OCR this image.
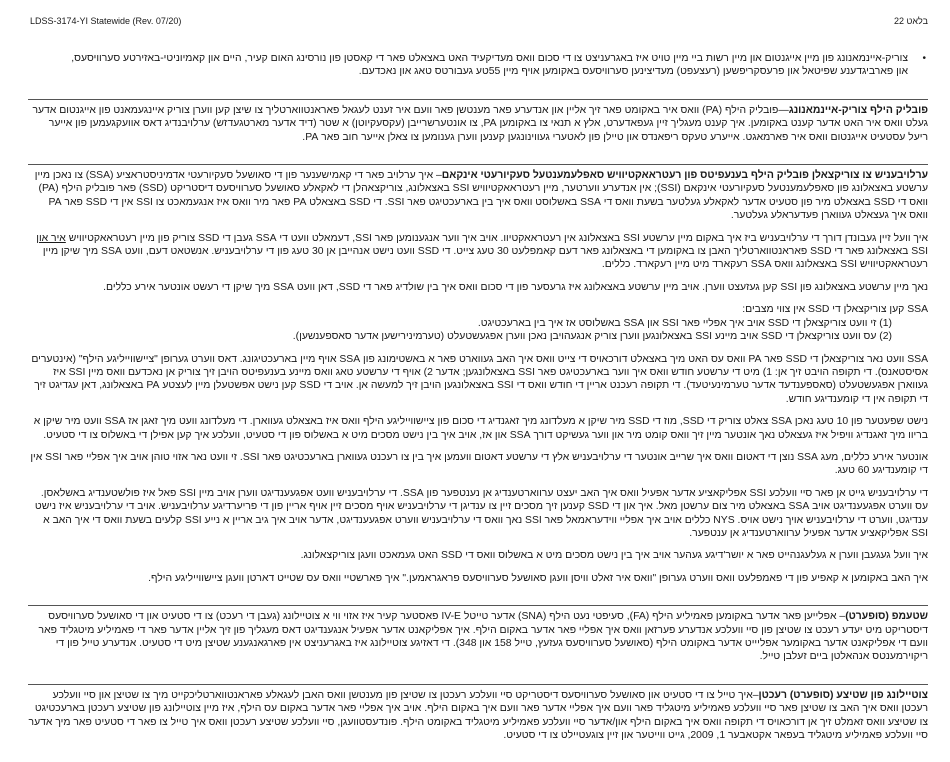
LDSS-3174-YI Statewide (Rev. 07/20)	בלאט 22
•
צוריק-איינמאנונג פון מיין אייגנטום און מיין רשות ביי מיין טויט איז באגרעניצט צו די סכום וואס מעדיקעיד האט באצאלט פאר די קאסטן פון נורסינג האום קעיר, היים און קאמיוניטי-באזירטע סערוויסעס, און פארביגדענע שפיטאל און פרעסקריפשען (רעצעפט) מעדיצינען סערוויסעס באקומען אויף מיין 55טע געבורטס טאג און נאכדעם.

פובליק הילף צוריק-איינמאנונג—פובליק הילף (PA) וואס איר באקומט פאר זיך אליין און אנדערע פאר מענטשן פאר וועם איר זענט לעגאל פאראנטווארטליך צו שיצן קען ווערן צוריק איינגעמאנט פון אייגנטום אדער געלט וואס איר האט אדער קענט באקומען. איך קענט מעגליך זיין געפאדערט, אלץ א תנאי צו באקומען PA, צו אונטערשרייבן (עקסעקיוטן) א שטר (דיד אדער מארטגעדזש) ערלויבנדיג דאס אוועקגעמען פון אייער ריעל עסטעיט אייגנטום וואס איר פארמאגט. אייערע טעקס ריפאנדס און טיילן פון לאטערי געווינונגען קענען ווערן גענומען צו צאלן אייער חוב פאר PA.

ערלויבעניש צו צוריקצאלן פובליק הילף בענעפיטס פון רעטראאקטיוויש סאפלעמענטעל סעקיורעטי אינקאם– איך ערלויב פאר די קאמישענער פון די סאושעל סעקיורעטי אדמיניסטראציע (SSA) צו נאכן מיין ערשטע באצאלונג פון סאפלעמענטעל סעקיורעטי אינקאם (SSI); אין אנדערע ווערטער, מיין רעטראאקטיוויש SSI באצאלונג, צוריקצאהלן די לאקאלע סאושעל סערוויסעס דיסטריקט (SSD) פאר פובליק הילף (PA) וואס די SSD באצאלט מיר פון סטעיט אדער לאקאלע געלטער בשעת וואס די SSA באשלוסט וואס איך בין בארעכטיגט פאר SSI. די SSD באצאלט PA פאר מיר וואס איז אנגעמאכט צו SSI אין די SSD פאר PA וואס איך געצאלט געווארן פעדעראלע געלטער.

איך וועל זיין געבונדן דורך די ערלויבעניש ביז איך באקום מיין ערשטע SSI באצאלונג אין רעטראאקטיוו. אויב איך ווער אנגענומען פאר SSI, דעמאלט וועט די SSA געבן די SSD צוריק פון מיין רעטראאקטיוויש איר און SSI באצאלונג פאר די SSD פאראנטווארטליך האבן צו באקומען די באצאלונג פאר דעם קאמפלעט 30 טעג צייט. די SSD וועט נישט אנהייבן אן 30 טעג פון די ערלויבעניש. אנשטאט דעם, וועט SSA מיך שיקן מיין רעטראאקטיוויש SSI באצאלונג וואס SSA רעקארד מיט מיין רעקארד. כללים.

נאך מיין ערשטע באצאלונג פון SSI קען געזעצט ווערן. אויב מיין ערשטע באצאלונג איז גרעסער פון די סכום וואס איך בין שולדיג פאר די SSD, דאן וועט SSA מיך שיקן די רעשט אונטער אירע כללים.

SSA קען צוריקצאלן די SSD אין צווי מצבים:
(1) זי וועט צוריקצאלן די SSD אויב איך אפליי פאר SSI און SSA באשלוסט אז איך בין בארעכטיגט.
(2) עס וועט צוריקצאלן די SSD אויב מיינע SSI באצאלונגען ווערן צוריק אנגעהויבן נאכן ווערן אפגעשטעלט (טערמינירישען אדער סאספענשען).

SSA וועט נאר צוריקצאלן די SSD פאר PA וואס עס האט מיך באצאלט דורכאויס די צייט וואס איך האב געווארט פאר א באשטימונג פון SSA אויף מיין בארעכטיגונג. דאס ווערט גערופן "ציישווייליגע הילף" (אינטערים אסיסטאנס). די תקופה הויבט זיך אן: 1) מיט די ערשטע חודש וואס איך ווער בארעכטיגט פאר SSI באצאלונגען; אדער 2) אויף די ערשטע טאג וואס מיינע בענעפיטס הויבן זיך צוריק אן נאכדעם וואס מיין SSI איז געווארן אפגעשטעלט (סאספענדעד אדער טערמינעיטעד). די תקופה רעכנט אריין די חודש וואס די SSI באצאלונגען הויבן זיך למעשה אן. אויב די SSD קען נישט אפשטעלן מיין לעצטע PA באצאלונג, דאן עגדיגט זיך די תקופה אין די קומענדיגע חודש.

נישט שפעטער פון 10 טעג נאכן SSA צאלט צוריק די SSD, מוז די SSD מיר שיקן א מעלדונג מיך זאגנדיג די סכום פון ציישווייליגע הילף וואס איז באצאלט געווארן. די מעלדונג וועט מיך זאגן אז SSA וועט מיר שיקן א בריוו מיך זאגנדיג וויפיל איז געצאלט נאך אונטער מיין זיך וואס קומט מיר און ווער געשיקט דורך SSA און אז, אויב איך בין נישט מסכים מיט א באשלוס פון די סטעיט, וועלכע איך קען אפילן די באשלוס צו די סטעיט.

אונטער אירע כללים, מעג SSA נוצן די דאטום וואס איך שרייב אונטער די ערלויבעניש אלץ די ערשטע דאטום וועמען איך בין צו רעכנט געווארן בארעכטיגט פאר SSI. זי וועט נאר אזוי טוהן אויב איך אפליי פאר SSI אין די קומענדיגע 60 טעג.

די ערלויבעניש גייט אן פאר סיי וועלכע SSI אפליקאציע אדער אפעיל וואס איך האב יעצט ערווארטענדיג אן נענטפער פון SSA. די ערלויבעניש וועט אפגעענדיגט ווערן אויב מיין SSI פאל איז פולשטענדיג באשלאסן. עס ווערט אפגעענדיגט אויב SSA באצאלט מיר צום ערשטן מאל. איך און די SSD קענען זיך מסכים זיין צו ענדיגן די ערלויבעניש אויף מסכים זיין אויף אריין פון די פריערדיגע ערלויבעניש. אויב די ערלויבעניש איז נישט ענדיגט, ווערט די ערלויבעניש אויך נישט אויס. NYS כללים אויב איך אפליי ווידעראמאל פאר SSI נאך וואס די ערלויבעניש ווערט אפגעענדיגט, אדער אויב איך גיב אריין א נייע SSI קלעים בשעת וואס די איך האב א SSI אפליקאציע אדער אפעיל ערווארטענדיג אן ענטפער.

איך וועל געגעבן ווערן א געלעגנהייט פאר א יושר'דיגע געהער אויב איך בין נישט מסכים מיט א באשלוס וואס די SSD האט געמאכט וועגן צוריקצאלונג.

איך האב באקומען א קאפיע פון די פאמפלעט וואס ווערט גערופן "וואס איר זאלט וויסן וועגן סאושעל סערוויסעס פראגראמען." איך פארשטיי וואס עס שטייט דארטן וועגן ציישווייליגע הילף.

שטעמפ (סופערט)– אפלייען פאר אדער באקומען פאמיליע הילף (FA), סעיפטי נעט הילף (SNA) אדער טייטל IV-E פאסטער קעיר איז אזוי ווי א צוטיילונג (געבן די רעכט) צו די סטעיט און די סאושעל סערוויסעס דיסטריקט מיט יעדע רעכט צו שטיצן פון סיי וועלכע אנדערע פערזאן וואס איך אפליי פאר אדער באקום הילף. איך אפליקאנט אדער אפעיל אנגענדיגט דאס מעגליך פון זיך אליין אדער פאר די פאמיליע מיטגליד פאר וועם די אפליקאנט אדער באקומער אפליייט אדער באקומט הילף (סאושעל סערוויסעס געזעץ, טייל 158 און 348). די דאזיגע צוטיילונג איז באגרעניצט אין פארגאנגענע שטיצן מיט די סטעיט. אנדערע טייל פון די ריקוירמענטס אנהאלטן ביים זעלבן טייל.

צוטיילונג פון שטיצע (סופערט) רעכטן–איך טייל צו די סטעיט און סאושעל סערוויסעס דיסטריקט סיי וועלכע רעכטן צו שטיצן פון מענטשן וואס האבן לעגאלע פאראנטווארטליכקייט מיך צו שטיצן און סיי וועלכע רעכטן וואס איך האב צו שטיצן פאר סיי וועלכע פאמיליע מיטגליד פאר וועם איך אפליי אדער פאר וועם איך באקום הילף. אויב איך אפליי פאר אדער באקום עס הילף, איז מיין צוטיילונג פון שטיצע רעכטן בארעכטיגט צו שטיצע וואס זאמלט זיך אן דורכאויס די תקופה וואס איך באקום הילף און/אדער סיי וועלכע פאמיליע מיטגליד באקומט הילף. פונדעסטוועגן, סיי וועלכע שטיצע רעכטן וואס איך טייל צו פאר די סטעיט פאר מיך אדער סיי וועלכע פאמיליע מיטגליד בעפאר אקטאבער 1, 2009, גייט ווייטער און זיין צוגעטיילט צו די סטעיט.
